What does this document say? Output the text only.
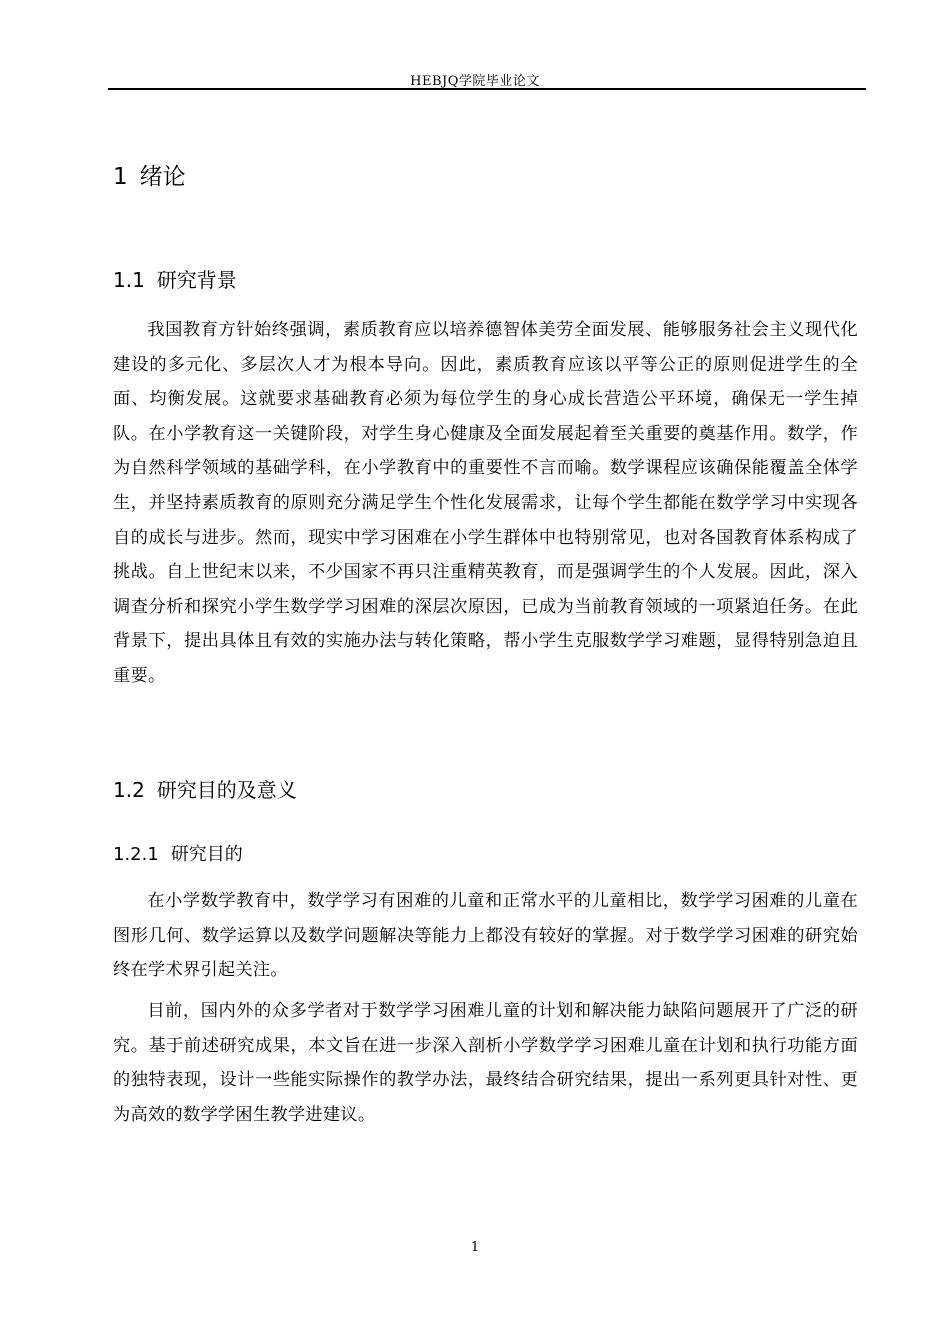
HEBJQ学院毕业论文
1 绪论
1.1 研究背景

我国教育方针始终强调，素质教育应以培养德智体美劳全面发展、能够服务社会主义现代化建设的多元化、多层次人才为根本导向。因此，素质教育应该以平等公正的原则促进学生的全面、均衡发展。这就要求基础教育必须为每位学生的身心成长营造公平环境，确保无一学生掉队。在小学教育这一关键阶段，对学生身心健康及全面发展起着至关重要的奠基作用。数学，作为自然科学领域的基础学科，在小学教育中的重要性不言而喻。数学课程应该确保能覆盖全体学生，并坚持素质教育的原则充分满足学生个性化发展需求，让每个学生都能在数学学习中实现各自的成长与进步。然而，现实中学习困难在小学生群体中也特别常见，也对各国教育体系构成了挑战。自上世纪末以来，不少国家不再只注重精英教育，而是强调学生的个人发展。因此，深入调查分析和探究小学生数学学习困难的深层次原因，已成为当前教育领域的一项紧迫任务。在此背景下，提出具体且有效的实施办法与转化策略，帮小学生克服数学学习难题，显得特别急迫且重要。

1.2 研究目的及意义
1.2.1 研究目的

在小学数学教育中，数学学习有困难的儿童和正常水平的儿童相比，数学学习困难的儿童在图形几何、数学运算以及数学问题解决等能力上都没有较好的掌握。对于数学学习困难的研究始终在学术界引起关注。

目前，国内外的众多学者对于数学学习困难儿童的计划和解决能力缺陷问题展开了广泛的研究。基于前述研究成果，本文旨在进一步深入剖析小学数学学习困难儿童在计划和执行功能方面的独特表现，设计一些能实际操作的教学办法，最终结合研究结果，提出一系列更具针对性、更为高效的数学学困生教学进建议。

1
